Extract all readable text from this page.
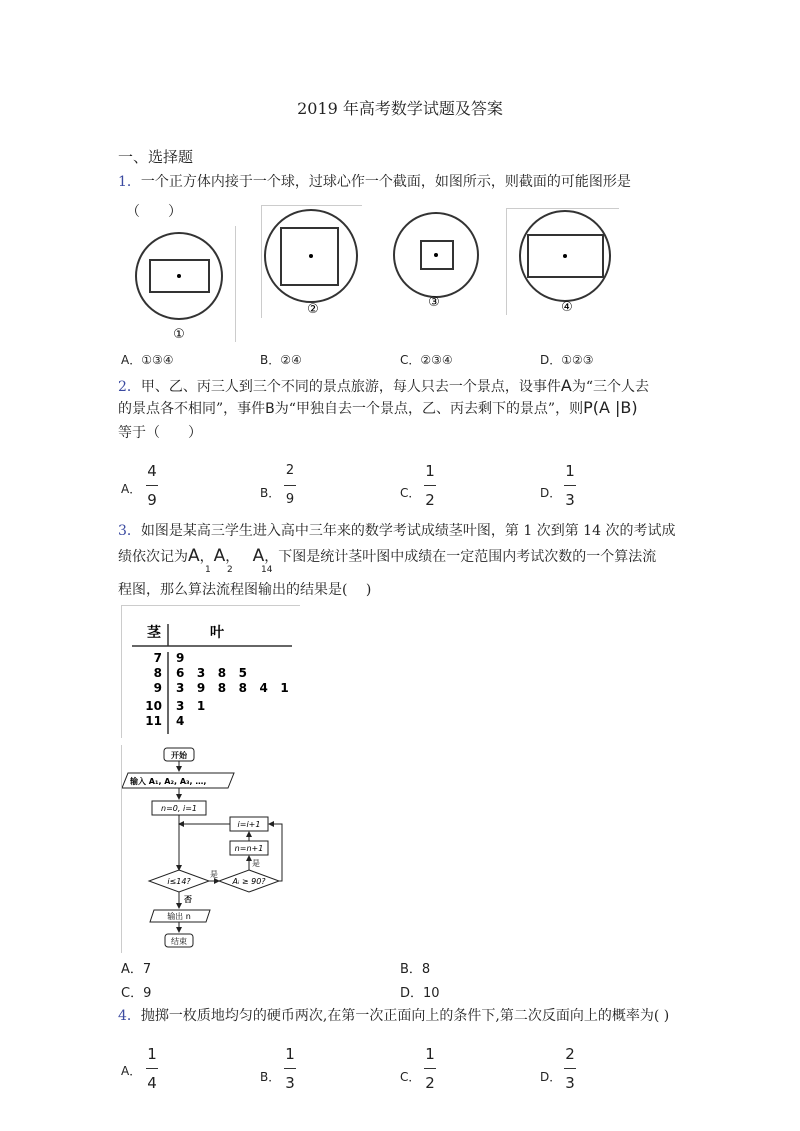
2019 年高考数学试题及答案
一、选择题
1．一个正方体内接于一个球，过球心作一个截面，如图所示，则截面的可能图形是
（　　）
①
②	③	④
A．①③④	B．②④	C．②③④	D．①②③
2．甲、乙、丙三人到三个不同的景点旅游，每人只去一个景点，设事件A为“三个人去
的景点各不相同”，事件B为“甲独自去一个景点，乙、丙去剩下的景点”，则P(A |B)
等于（　　）
A．
4
9	B．
2
9	C．
1
2	D．
1
3
3．如图是某高三学生进入高中三年来的数学考试成绩茎叶图，第 1 次到第 14 次的考试成
绩依次记为A，A， A，下图是统计茎叶图中成绩在一定范围内考试次数的一个算法流
1 2	14
程图，那么算法流程图输出的结果是(　 )
茎	叶
7 9
8 6   3   8   5
9 3   9   8   8   4   1
10 3   1
11 4
开始
输入 A₁, A₂, A₃, …,
n=0, i=1
i=i+1
n=n+1
i≤14?
是
Aᵢ ≥ 90?
是
否
输出 n
结束
A．7	B．8
C．9	D．10
4．抛掷一枚质地均匀的硬币两次,在第一次正面向上的条件下,第二次反面向上的概率为( )
A．
1
4	B．
1
3	C．
1
2	D．
2
3
